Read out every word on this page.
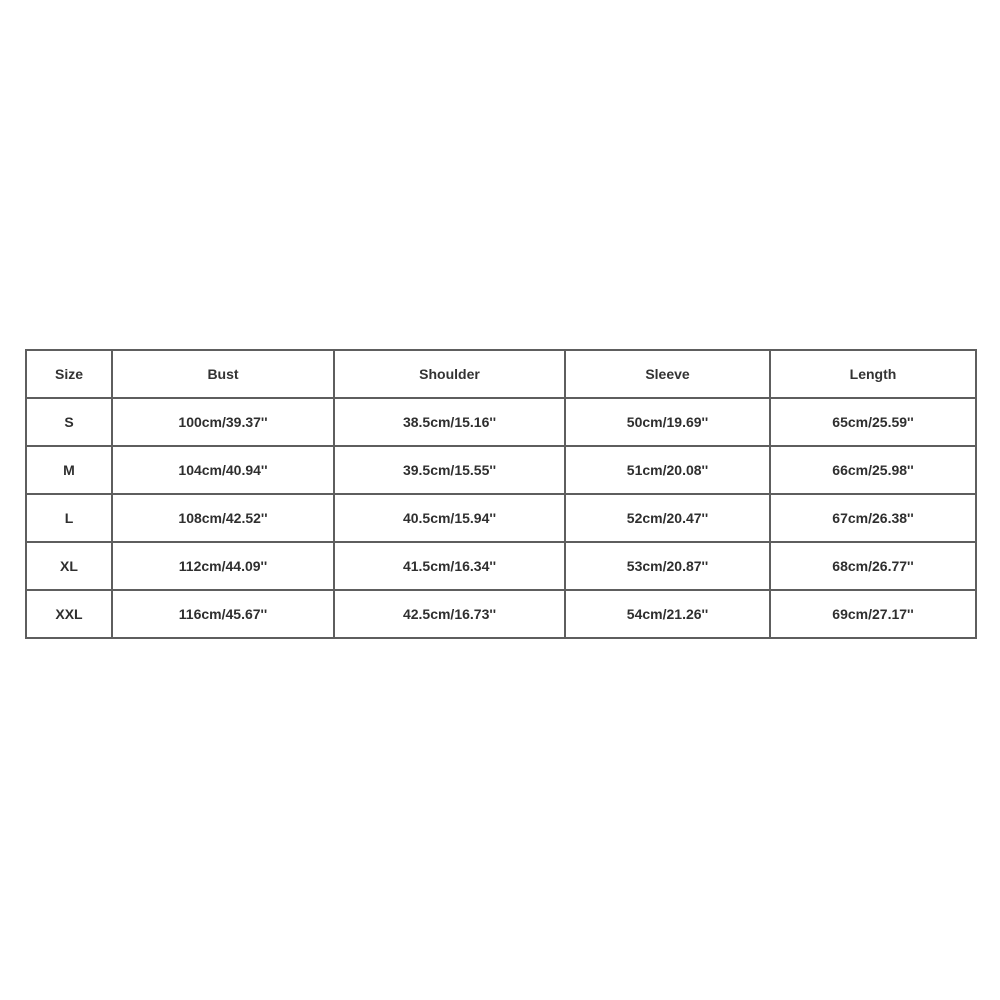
Size	Bust	Shoulder	Sleeve	Length
S	100cm/39.37''	38.5cm/15.16''	50cm/19.69''	65cm/25.59''
M	104cm/40.94''	39.5cm/15.55''	51cm/20.08''	66cm/25.98''
L	108cm/42.52''	40.5cm/15.94''	52cm/20.47''	67cm/26.38''
XL	112cm/44.09''	41.5cm/16.34''	53cm/20.87''	68cm/26.77''
XXL	116cm/45.67''	42.5cm/16.73''	54cm/21.26''	69cm/27.17''
